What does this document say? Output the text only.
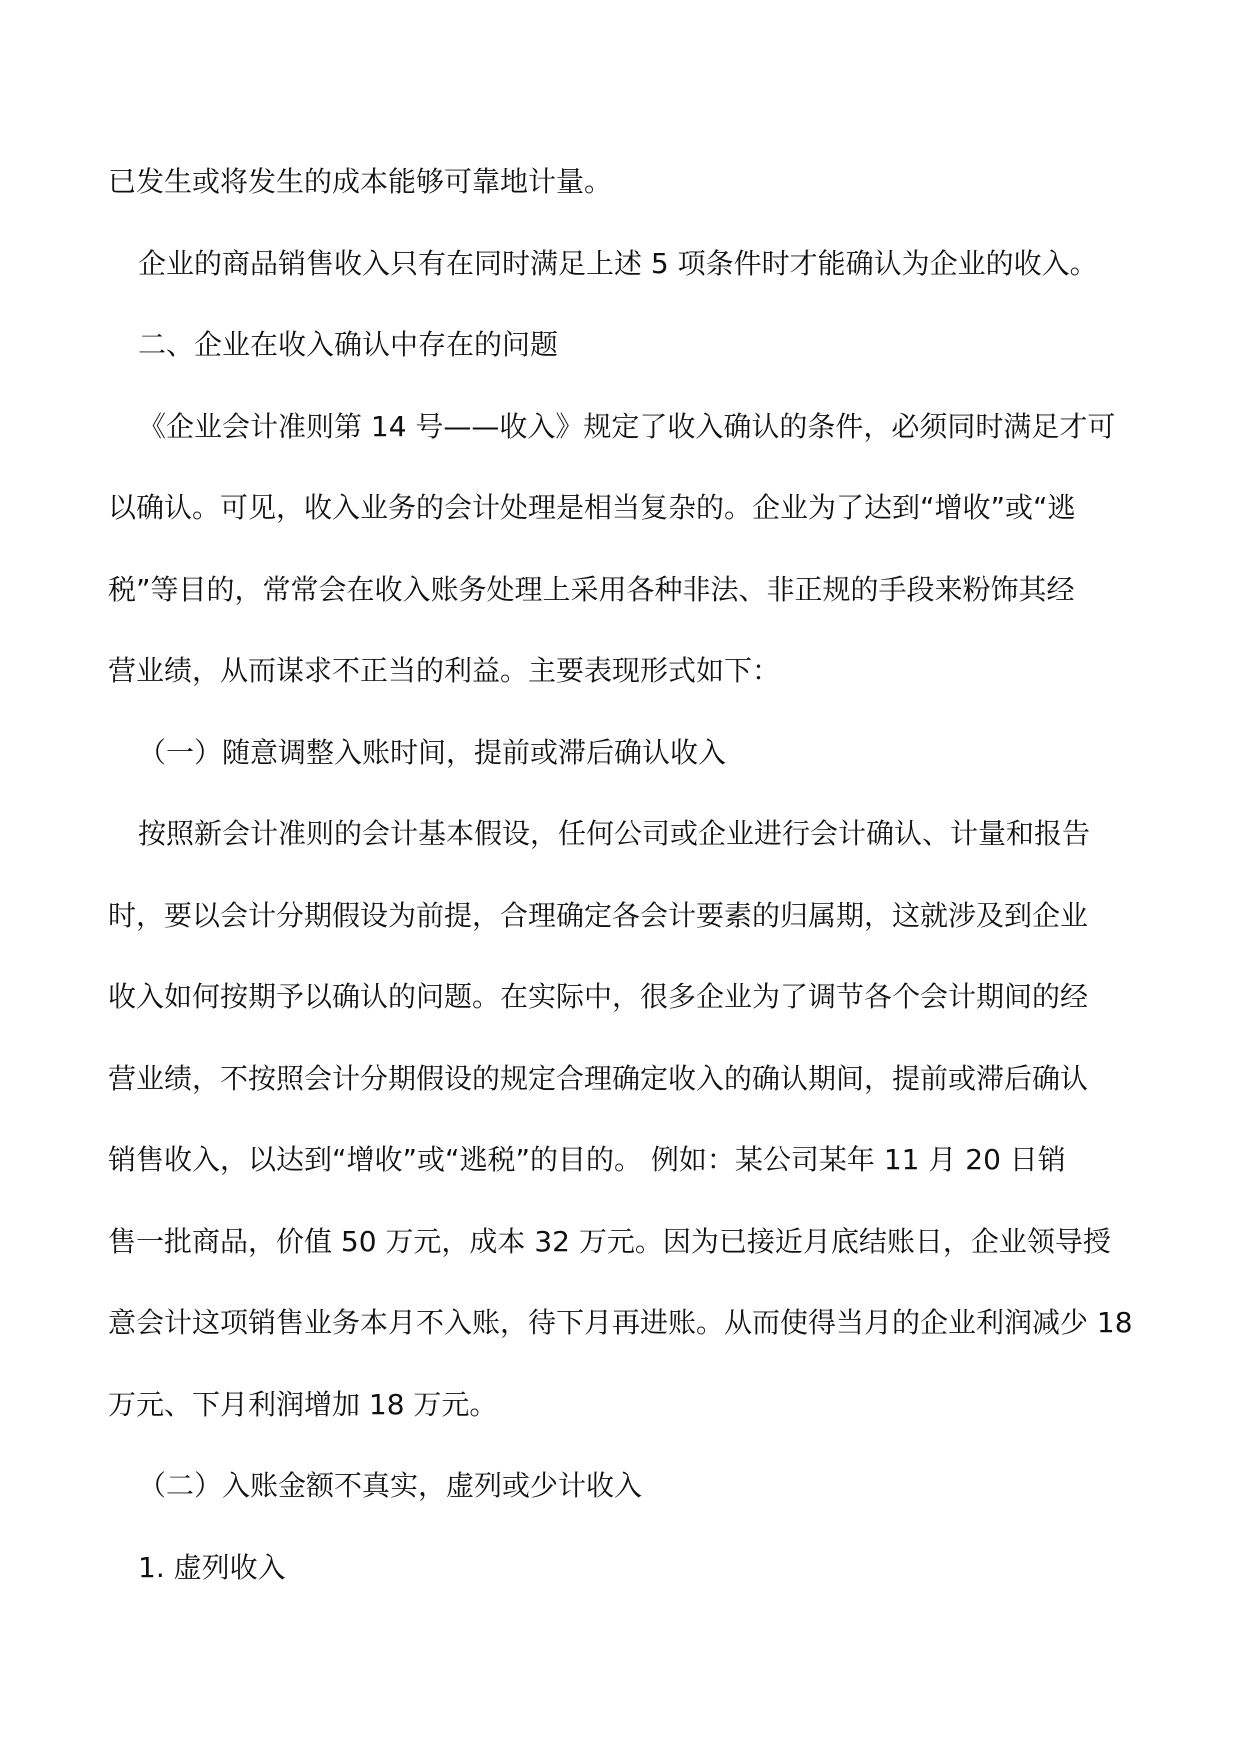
已发生或将发生的成本能够可靠地计量。
企业的商品销售收入只有在同时满足上述 5 项条件时才能确认为企业的收入。
二、企业在收入确认中存在的问题
《企业会计准则第 14 号——收入》规定了收入确认的条件，必须同时满足才可
以确认。可见，收入业务的会计处理是相当复杂的。企业为了达到“增收”或“逃
税”等目的，常常会在收入账务处理上采用各种非法、非正规的手段来粉饰其经
营业绩，从而谋求不正当的利益。主要表现形式如下：
（一）随意调整入账时间，提前或滞后确认收入
按照新会计准则的会计基本假设，任何公司或企业进行会计确认、计量和报告
时，要以会计分期假设为前提，合理确定各会计要素的归属期，这就涉及到企业
收入如何按期予以确认的问题。在实际中，很多企业为了调节各个会计期间的经
营业绩，不按照会计分期假设的规定合理确定收入的确认期间，提前或滞后确认
销售收入，以达到“增收”或“逃税”的目的。 例如：某公司某年 11 月 20 日销
售一批商品，价值 50 万元，成本 32 万元。因为已接近月底结账日，企业领导授
意会计这项销售业务本月不入账，待下月再进账。从而使得当月的企业利润减少 18
万元、下月利润增加 18 万元。
（二）入账金额不真实，虚列或少计收入
1. 虚列收入
